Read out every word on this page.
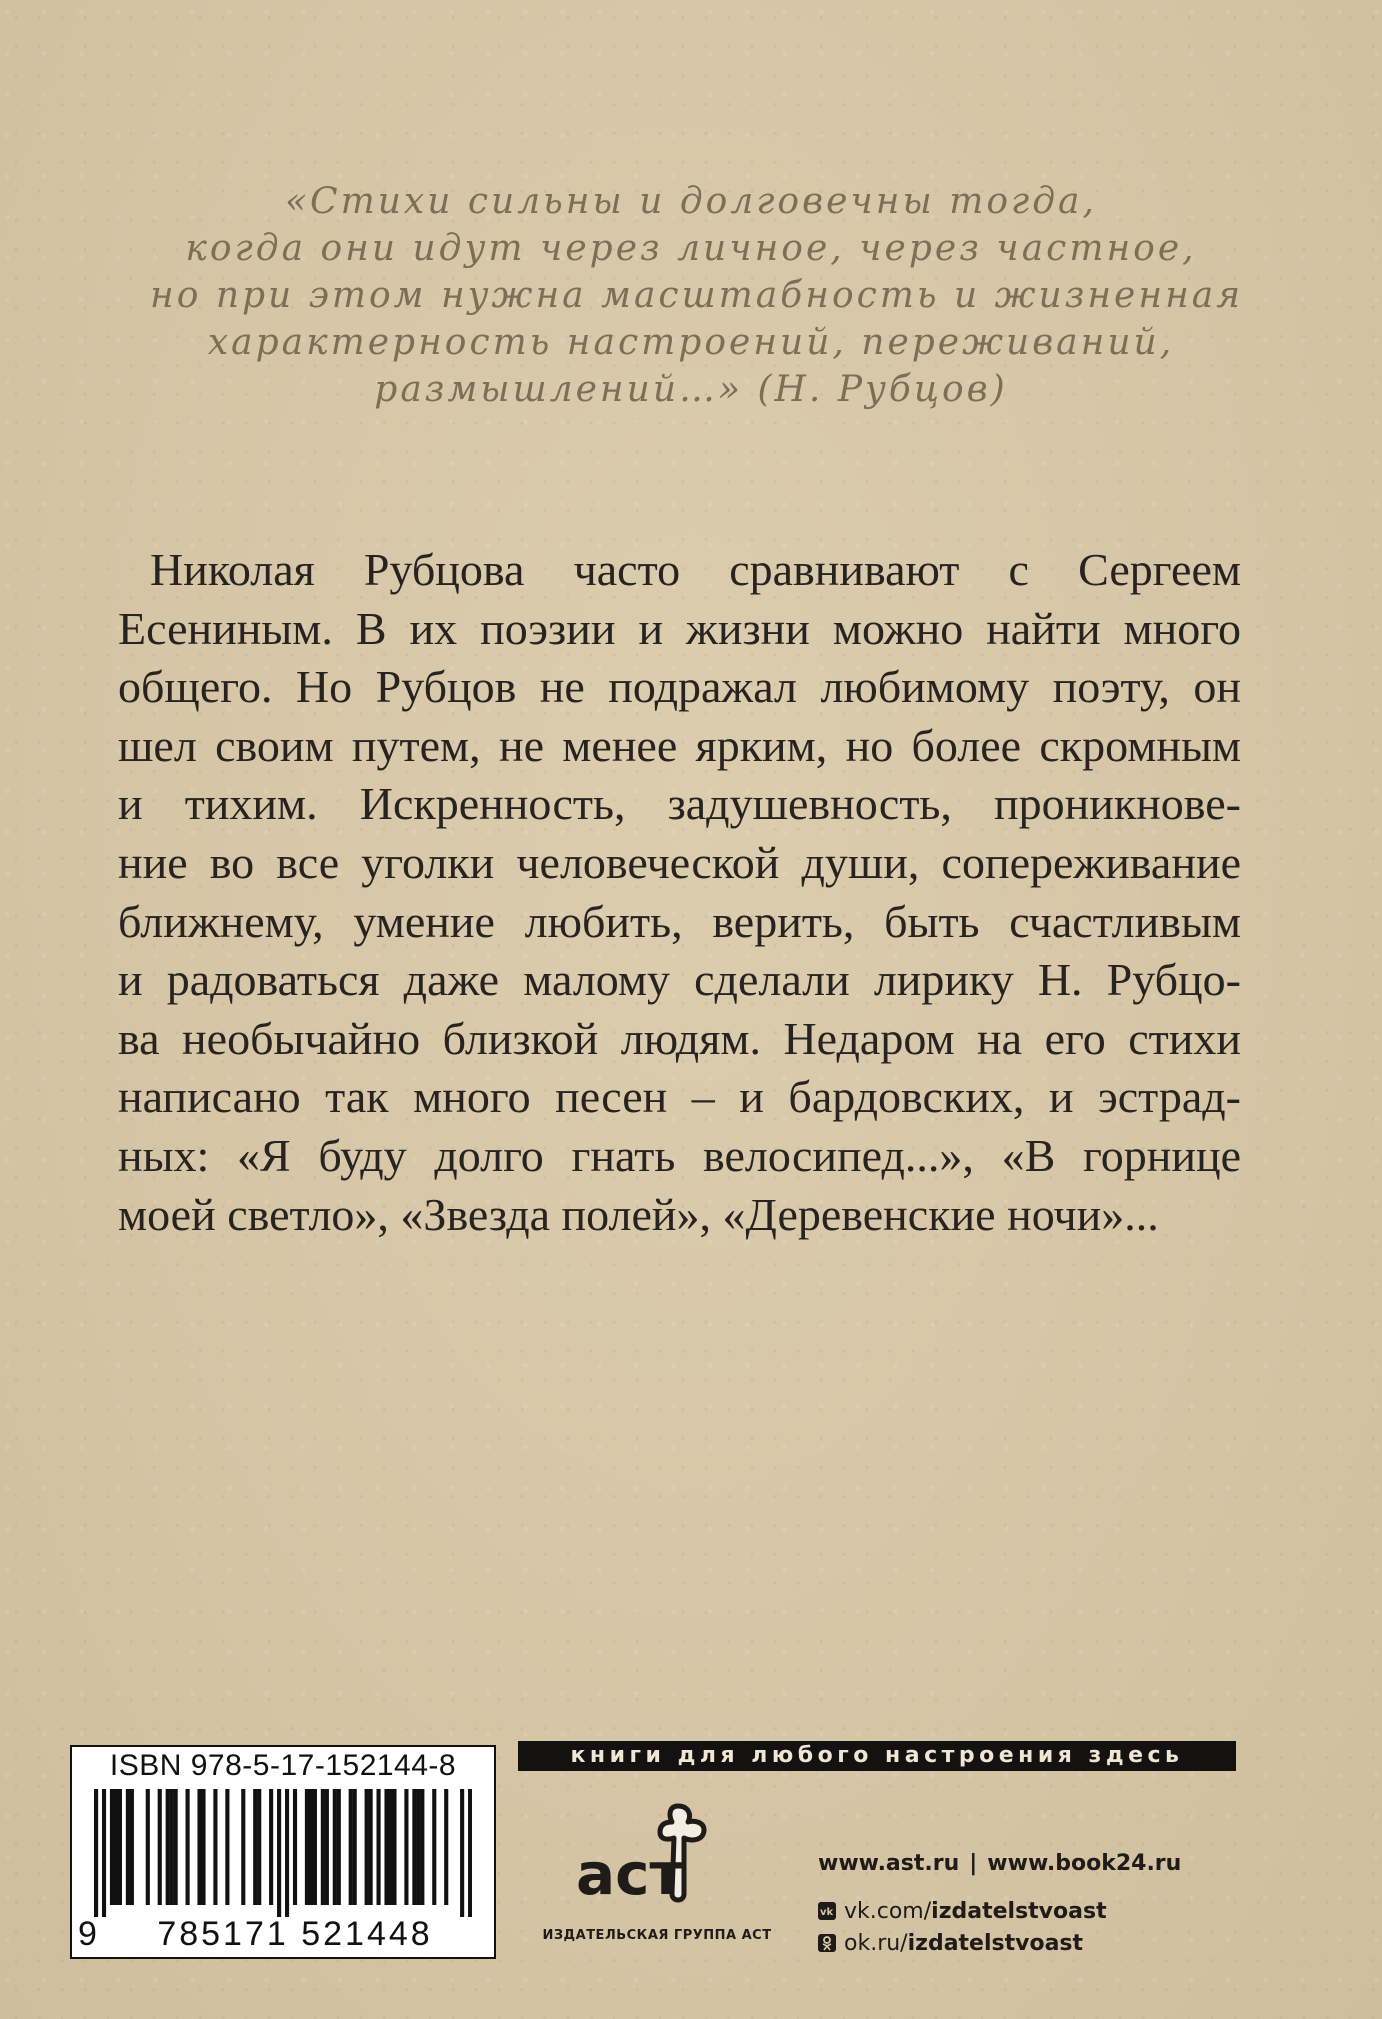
«Стихи сильны и долговечны тогда,
когда они идут через личное, через частное,
но при этом нужна масштабность и жизненная
характерность настроений, переживаний,
размышлений…» (Н. Рубцов)
Николая Рубцова часто сравнивают с Сергеем
Есениным. В их поэзии и жизни можно найти много
общего. Но Рубцов не подражал любимому поэту, он
шел своим путем, не менее ярким, но более скромным
и тихим. Искренность, задушевность, проникнове-
ние во все уголки человеческой души, сопереживание
ближнему, умение любить, верить, быть счастливым
и радоваться даже малому сделали лирику Н. Рубцо-
ва необычайно близкой людям. Недаром на его стихи
написано так много песен – и бардовских, и эстрад-
ных: «Я буду долго гнать велосипед...», «В горнице
моей светло», «Звезда полей», «Деревенские ночи»...

ISBN 978-5-17-152144-8

9 785171 521448

книги для любого настроения здесь

аст

ИЗДАТЕЛЬСКАЯ ГРУППА АСТ

www.ast.ru | www.book24.ru
vk vk.com/ izdatelstvoast
ok.ru/ izdatelstvoast
